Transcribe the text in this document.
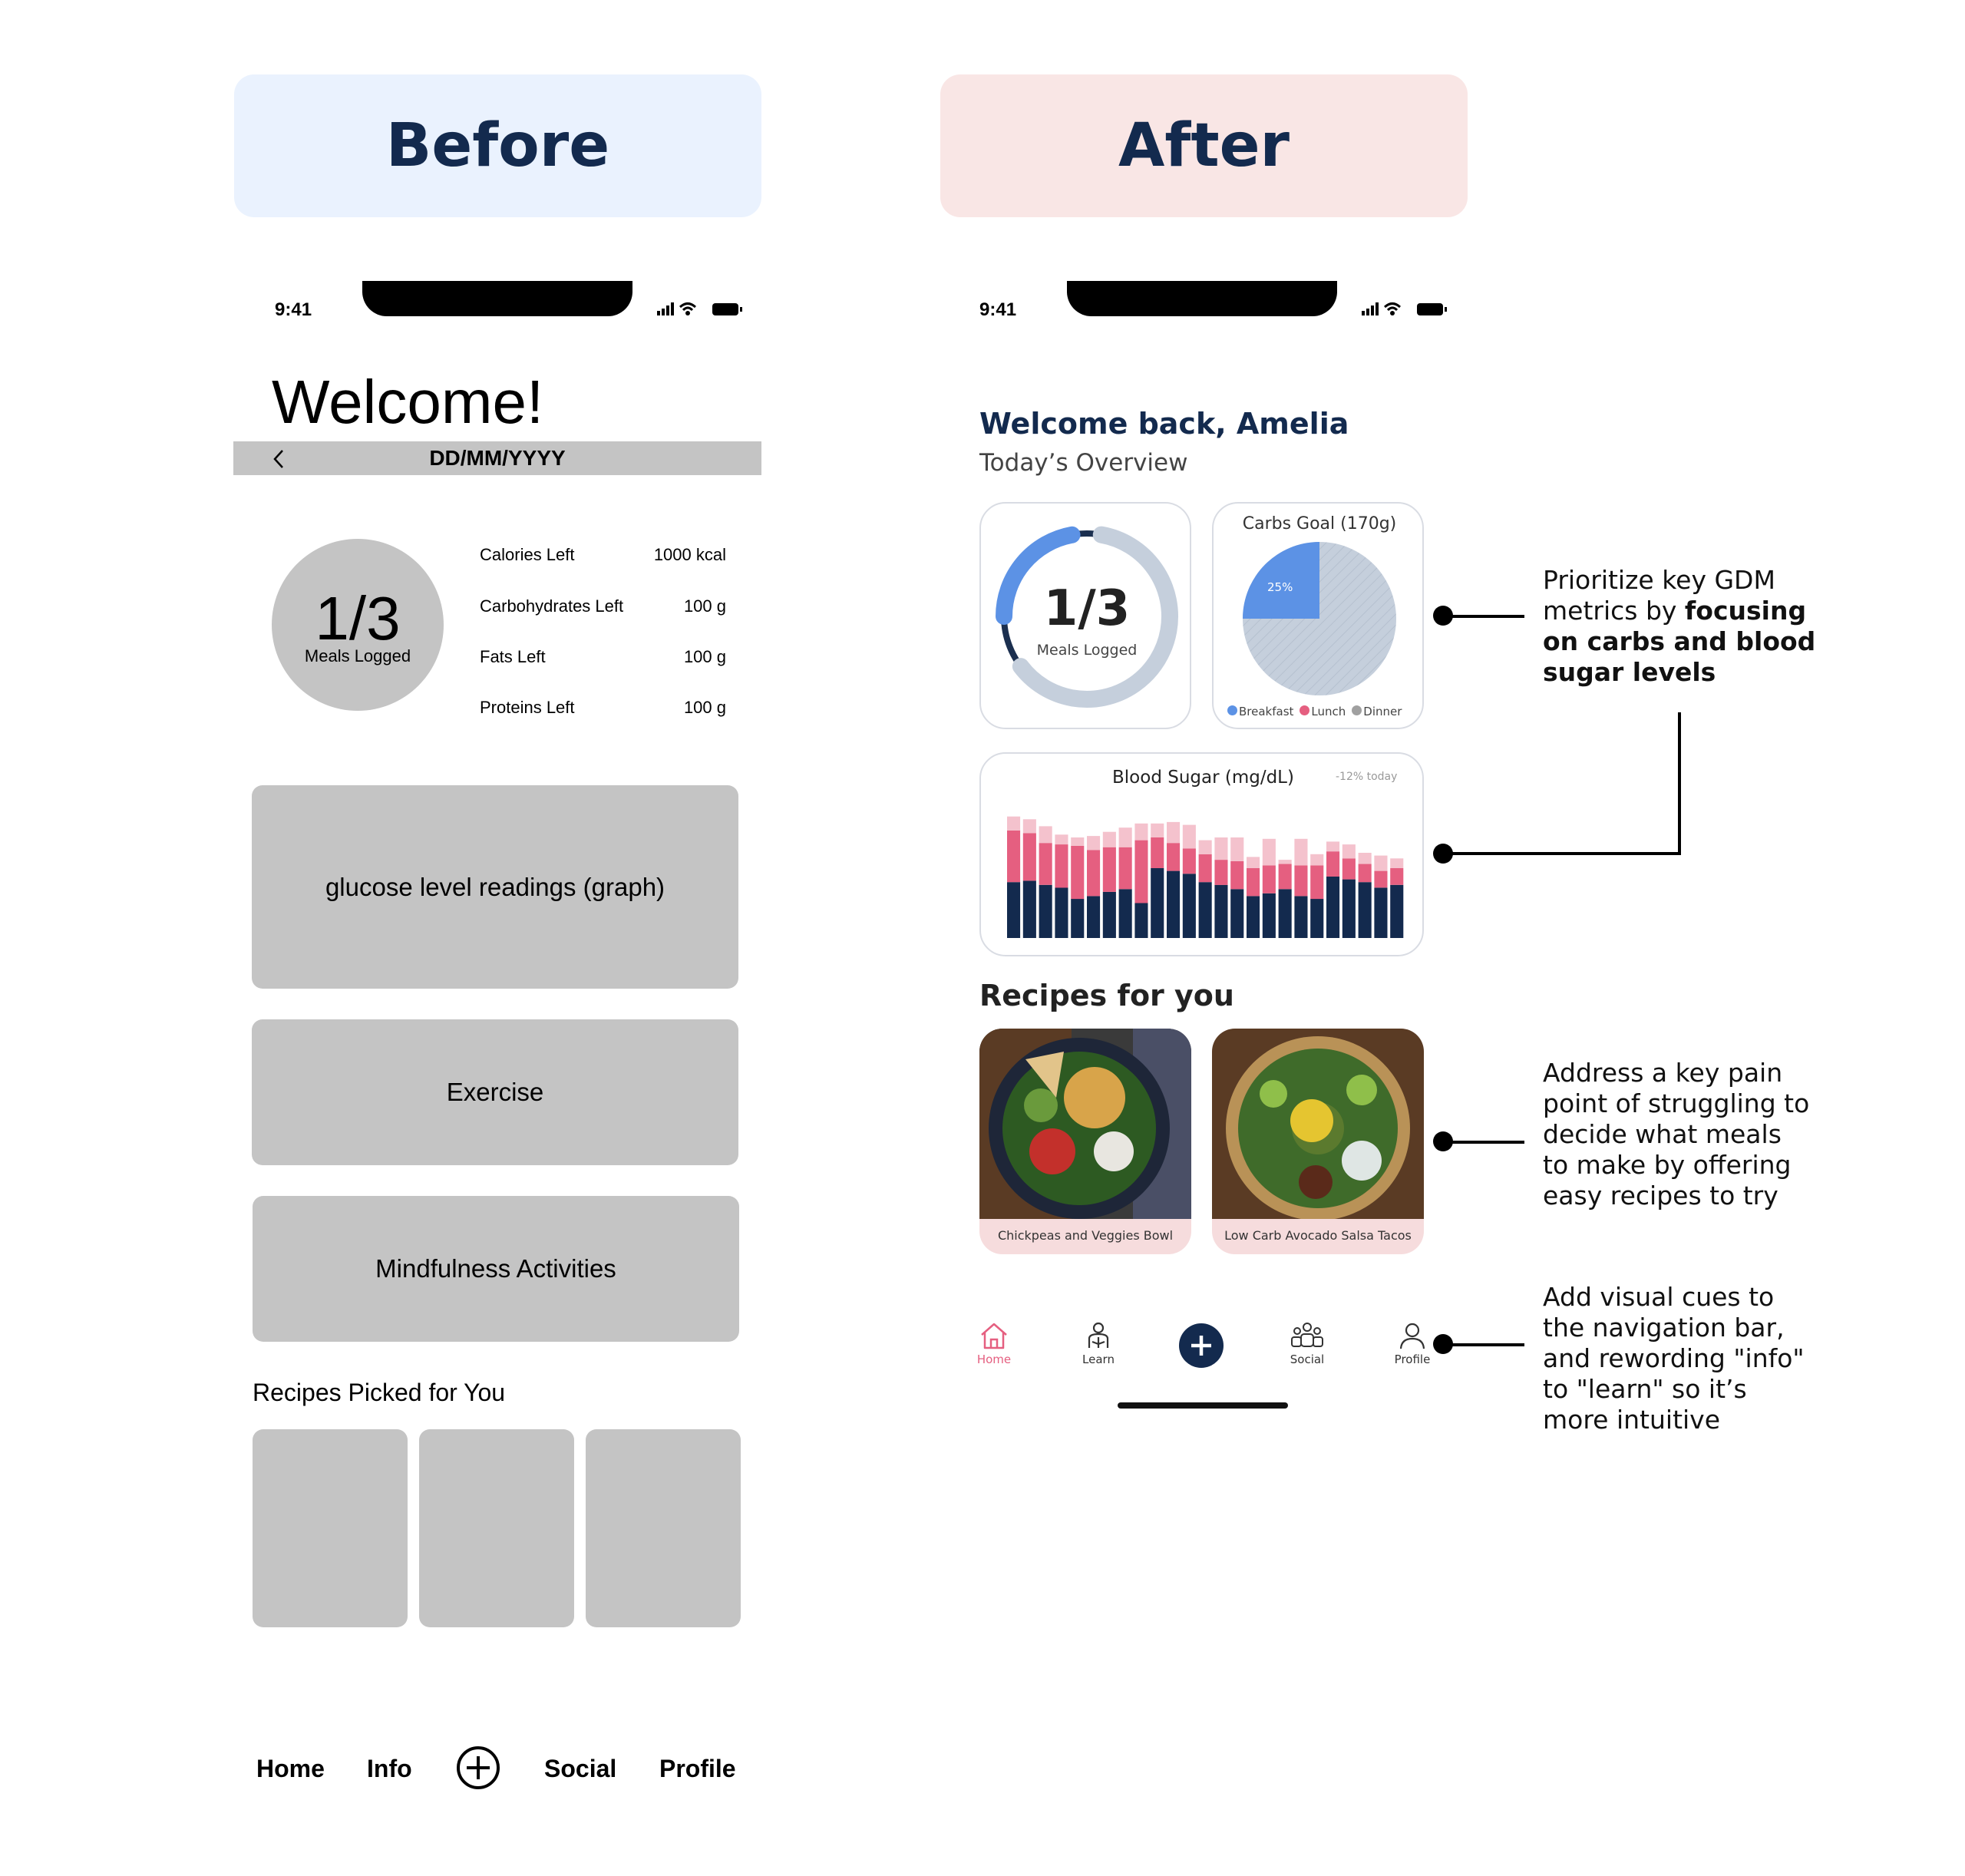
Before	After
9:41
Welcome!
DD/MM/YYYY
1/3
Meals Logged
Calories Left	1000 kcal
Carbohydrates Left	100 g
Fats Left	100 g
Proteins Left	100 g
glucose level readings (graph)
Exercise
Mindfulness Activities
Recipes Picked for You
Home Info	Social Profile
9:41
Welcome back, Amelia
Today’s Overview
1/3
Meals Logged
Carbs Goal (170g)
25%
Breakfast	Lunch	Dinner
Blood Sugar (mg/dL)	-12% today
Recipes for you
Chickpeas and Veggies Bowl	Low Carb Avocado Salsa Tacos
Home	Learn	Social	Profile
Prioritize key GDM
metrics by focusing
on carbs and blood
sugar levels
Address a key pain
point of struggling to
decide what meals
to make by offering
easy recipes to try
Add visual cues to
the navigation bar,
and rewording "info"
to "learn" so it’s
more intuitive
